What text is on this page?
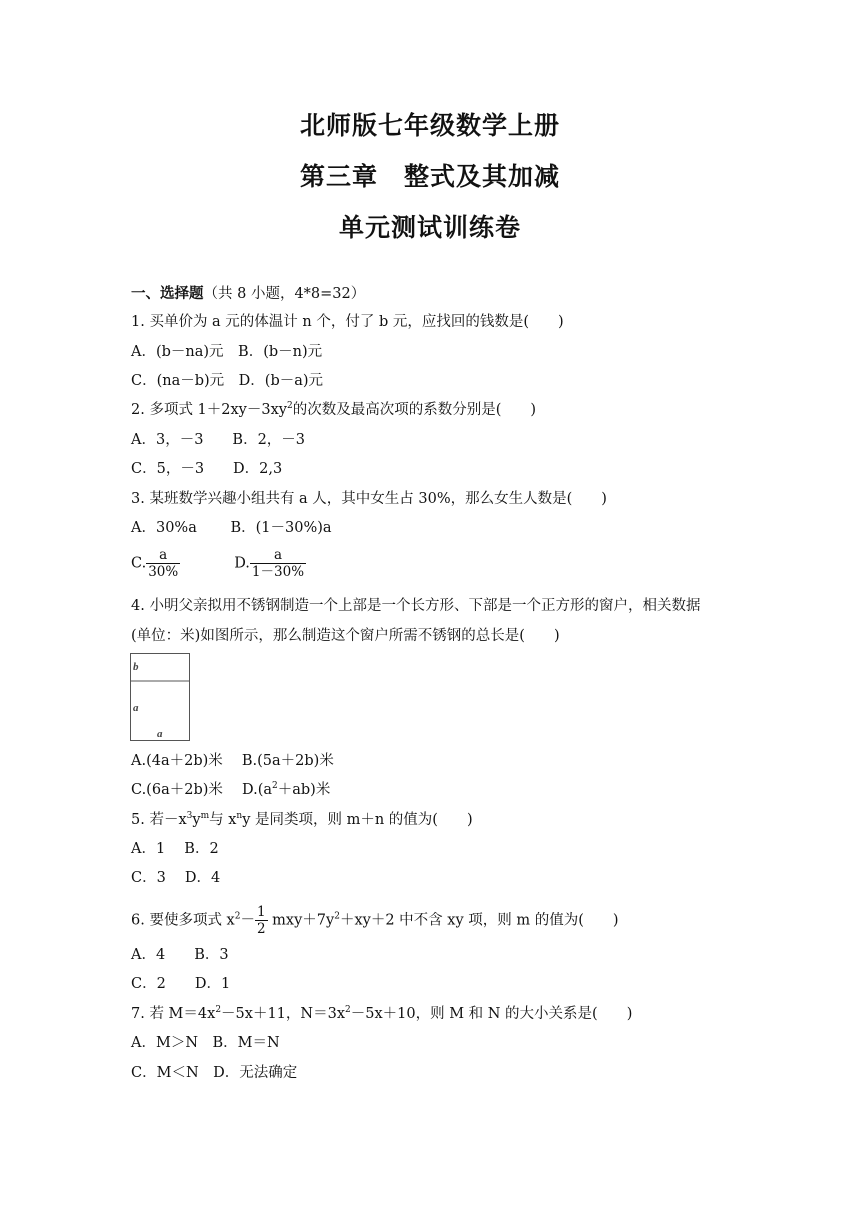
北师版七年级数学上册
第三章　整式及其加减
单元测试训练卷
一、选择题（共 8 小题，4*8=32）
1. 买单价为 a 元的体温计 n 个，付了 b 元，应找回的钱数是(　　)
A．(b－na)元　B．(b－n)元
C．(na－b)元　D．(b－a)元
2. 多项式 $1+2xy-3xy^2$的次数及最高次项的系数分别是(　　)
A．3，－3　　B．2，－3
C．5，－3　　D．2,3
3. 某班数学兴趣小组共有 a 人，其中女生占 30%，那么女生人数是(　　)
A．30%a　　 B．(1－30%)a
C. $\frac{a}{30\%}$	D. $\frac{a}{1-30\%}$
4. 小明父亲拟用不锈钢制造一个上部是一个长方形、下部是一个正方形的窗户，相关数据
(单位：米)如图所示，那么制造这个窗户所需不锈钢的总长是(　　)
b
a
a
A.(4a＋2b)米　 B.(5a＋2b)米
C.(6a＋2b)米　 $D.(a^2+ab)$米
5. 若$-x^3y^m$与 $x^ny$ 是同类项，则 m＋n 的值为(　　)
A．1　 B．2
C．3　 D．4
6. 要使多项式 $x^2- \frac{1}{2} mxy+7y^2+xy+2$ 中不含 xy 项，则 m 的值为(　　)
A．4　　B．3
C．2　　D．1
7. 若 $M=4x^2-5x+11$，$N=3x^2-5x+10$，则 M 和 N 的大小关系是(　　)
A．M＞N　B．M＝N
C．M＜N　D．无法确定
